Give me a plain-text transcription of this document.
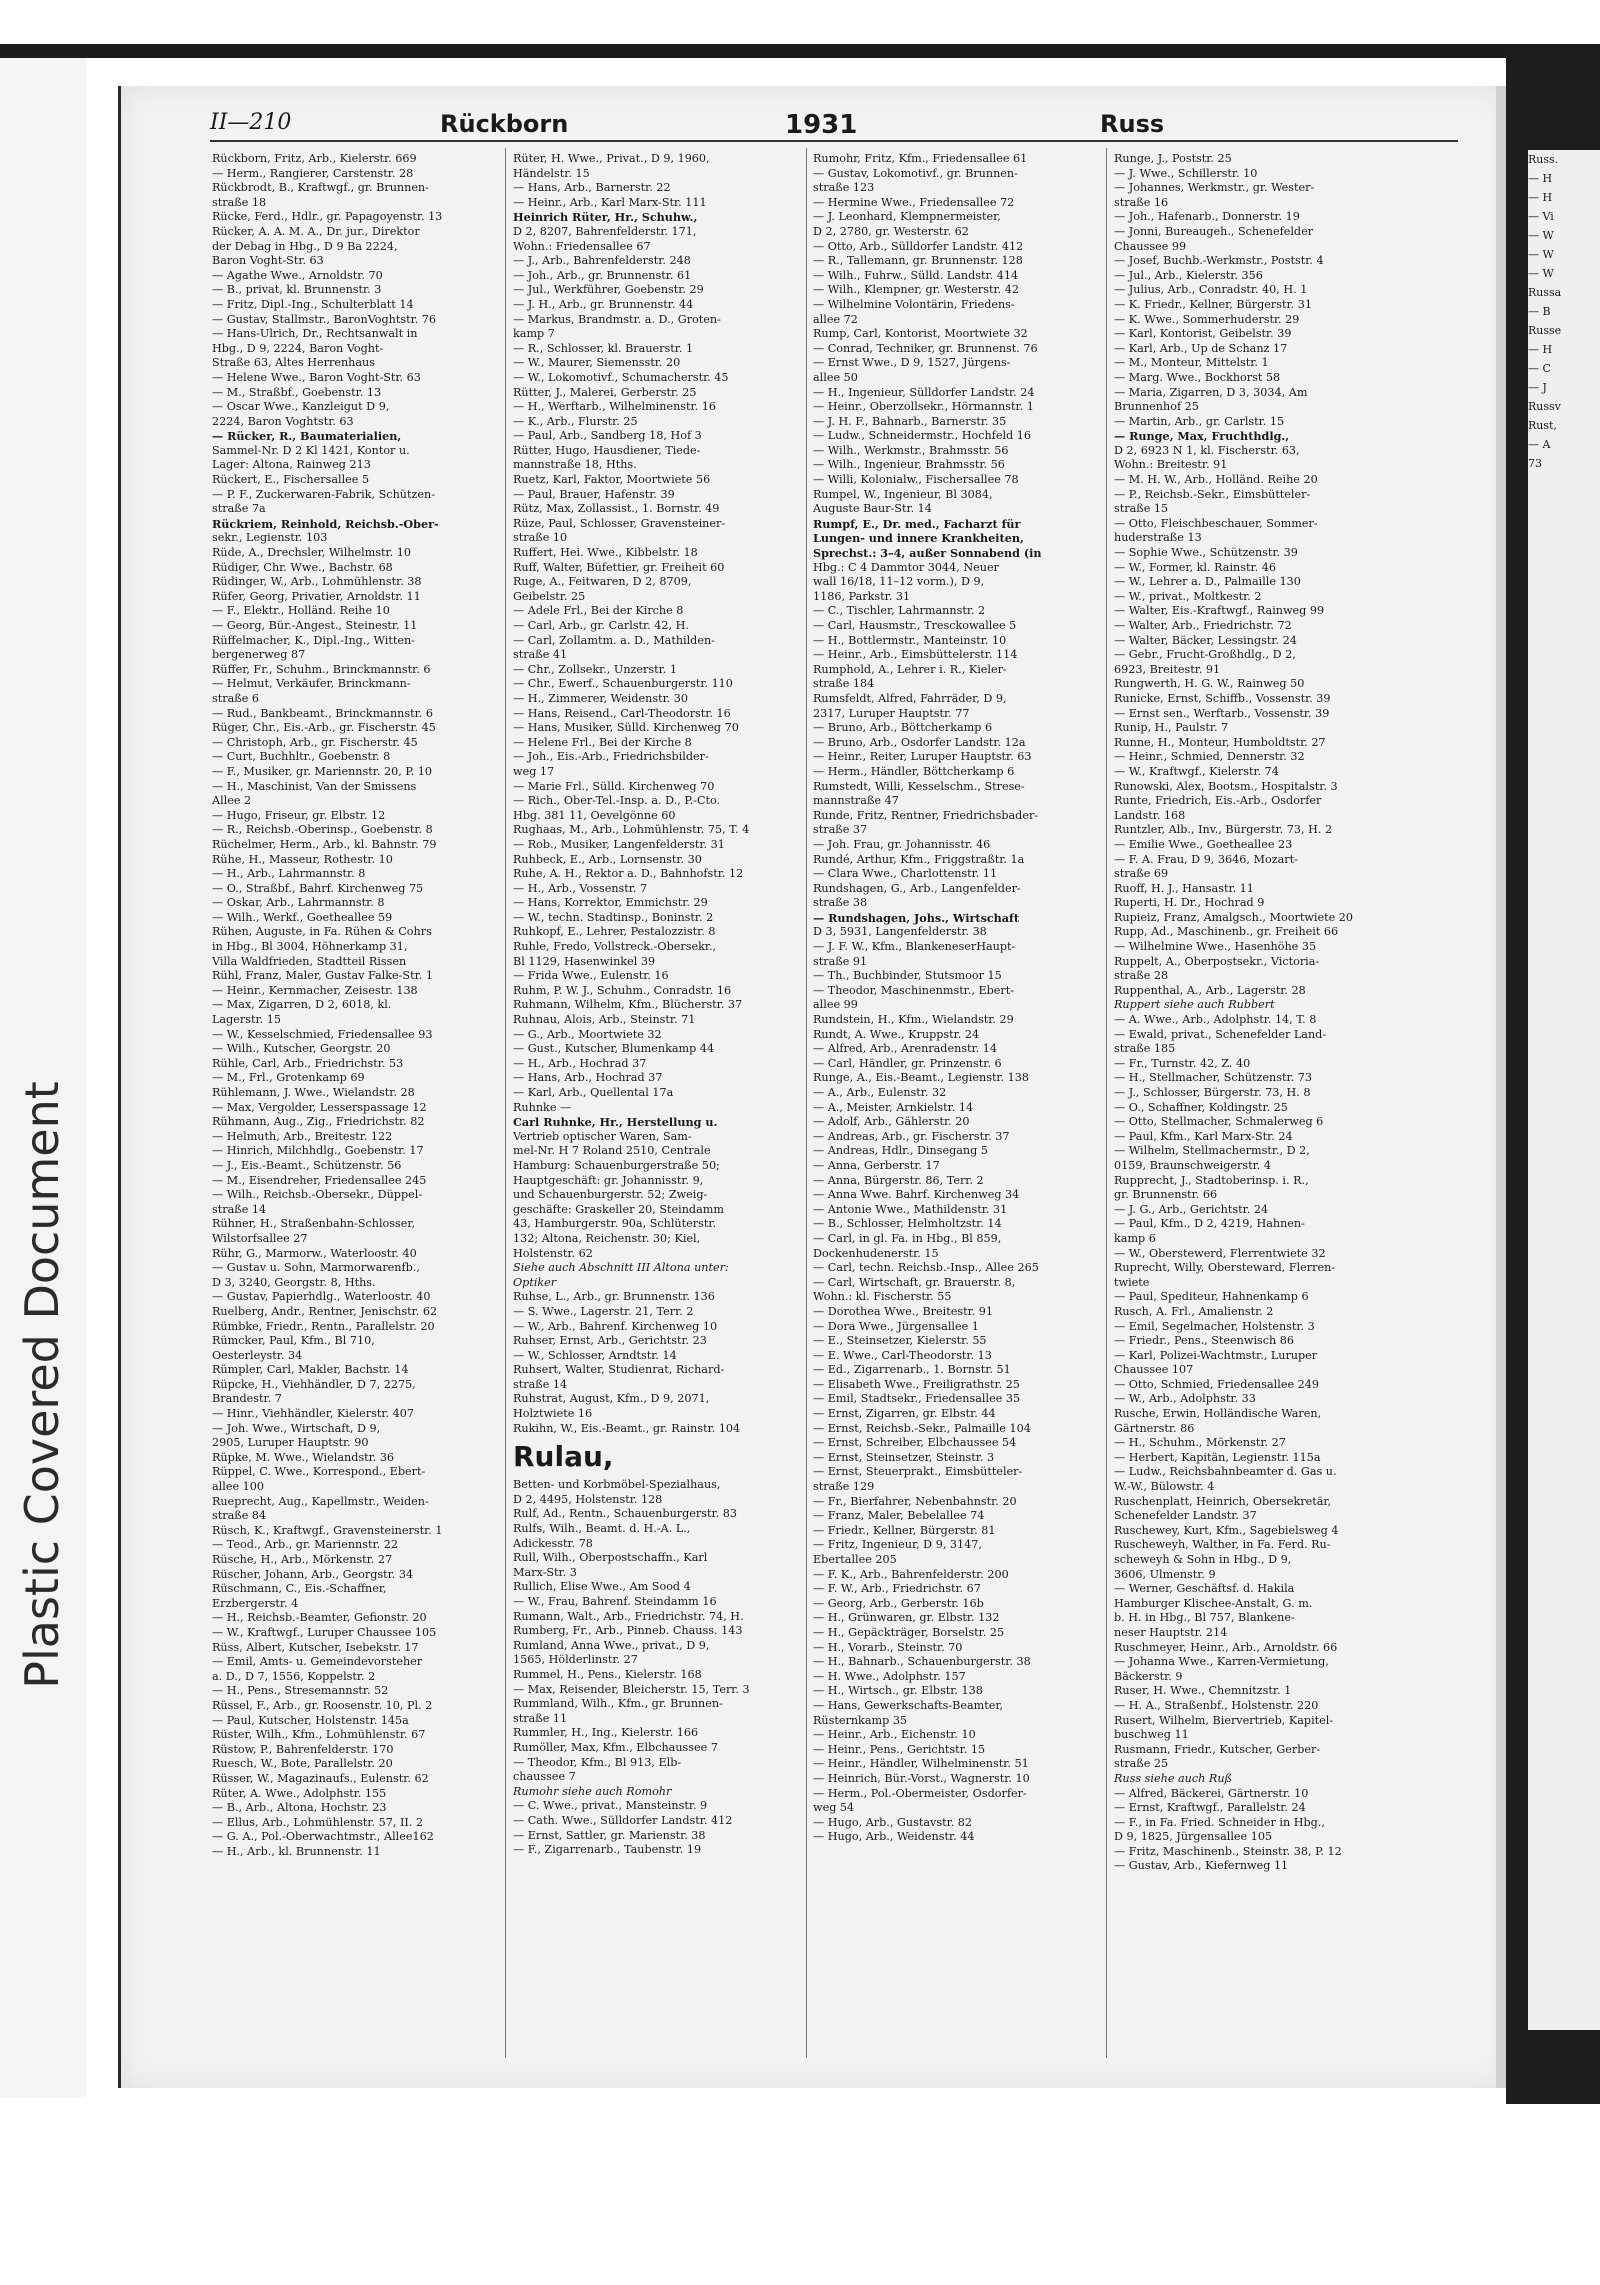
Plastic Covered Document

Russ.

— H

— H

— Vi

— W

— W

— W

Russa

— B

Russe

— H

— C

— J

Russv

Rust,

— A

73

II—210	Rückborn	1931	Russ

Rückborn, Fritz, Arb., Kielerstr. 669

— Herm., Rangierer, Carstenstr. 28

Rückbrodt, B., Kraftwgf., gr. Brunnen-

straße 18

Rücke, Ferd., Hdlr., gr. Papagoyenstr. 13

Rücker, A. A. M. A., Dr. jur., Direktor

der Debag in Hbg., D 9 Ba 2224,

Baron Voght-Str. 63

— Agathe Wwe., Arnoldstr. 70

— B., privat, kl. Brunnenstr. 3

— Fritz, Dipl.-Ing., Schulterblatt 14

— Gustav, Stallmstr., BaronVoghtstr. 76

— Hans-Ulrich, Dr., Rechtsanwalt in

Hbg., D 9, 2224, Baron Voght-

Straße 63, Altes Herrenhaus

— Helene Wwe., Baron Voght-Str. 63

— M., Straßbf., Goebenstr. 13

— Oscar Wwe., Kanzleigut D 9,

2224, Baron Voghtstr. 63

— Rücker, R., Baumaterialien,

Sammel-Nr. D 2 Kl 1421, Kontor u.

Lager: Altona, Rainweg 213

Rückert, E., Fischersallee 5

— P. F., Zuckerwaren-Fabrik, Schützen-

straße 7a

Rückriem, Reinhold, Reichsb.-Ober-

sekr., Legienstr. 103

Rüde, A., Drechsler, Wilhelmstr. 10

Rüdiger, Chr. Wwe., Bachstr. 68

Rüdinger, W., Arb., Lohmühlenstr. 38

Rüfer, Georg, Privatier, Arnoldstr. 11

— F., Elektr., Holländ. Reihe 10

— Georg, Bür.-Angest., Steinestr. 11

Rüffelmacher, K., Dipl.-Ing., Witten-

bergenerweg 87

Rüffer, Fr., Schuhm., Brinckmannstr. 6

— Helmut, Verkäufer, Brinckmann-

straße 6

— Rud., Bankbeamt., Brinckmannstr. 6

Rüger, Chr., Eis.-Arb., gr. Fischerstr. 45

— Christoph, Arb., gr. Fischerstr. 45

— Curt, Buchhltr., Goebenstr. 8

— F., Musiker, gr. Mariennstr. 20, P. 10

— H., Maschinist, Van der Smissens

Allee 2

— Hugo, Friseur, gr. Elbstr. 12

— R., Reichsb.-Oberinsp., Goebenstr. 8

Rüchelmer, Herm., Arb., kl. Bahnstr. 79

Rühe, H., Masseur, Rothestr. 10

— H., Arb., Lahrmannstr. 8

— O., Straßbf., Bahrf. Kirchenweg 75

— Oskar, Arb., Lahrmannstr. 8

— Wilh., Werkf., Goetheallee 59

Rühen, Auguste, in Fa. Rühen & Cohrs

in Hbg., Bl 3004, Höhnerkamp 31,

Villa Waldfrieden, Stadtteil Rissen

Rühl, Franz, Maler, Gustav Falke-Str. 1

— Heinr., Kernmacher, Zeisestr. 138

— Max, Zigarren, D 2, 6018, kl.

Lagerstr. 15

— W., Kesselschmied, Friedensallee 93

— Wilh., Kutscher, Georgstr. 20

Rühle, Carl, Arb., Friedrichstr. 53

— M., Frl., Grotenkamp 69

Rühlemann, J. Wwe., Wielandstr. 28

— Max, Vergolder, Lesserspassage 12

Rühmann, Aug., Zig., Friedrichstr. 82

— Helmuth, Arb., Breitestr. 122

— Hinrich, Milchhdlg., Goebenstr. 17

— J., Eis.-Beamt., Schützenstr. 56

— M., Eisendreher, Friedensallee 245

— Wilh., Reichsb.-Obersekr., Düppel-

straße 14

Rühner, H., Straßenbahn-Schlosser,

Wilstorfsallee 27

Rühr, G., Marmorw., Waterloostr. 40

— Gustav u. Sohn, Marmorwarenfb.,

D 3, 3240, Georgstr. 8, Hths.

— Gustav, Papierhdlg., Waterloostr. 40

Ruelberg, Andr., Rentner, Jenischstr. 62

Rümbke, Friedr., Rentn., Parallelstr. 20

Rümcker, Paul, Kfm., Bl 710,

Oesterleystr. 34

Rümpler, Carl, Makler, Bachstr. 14

Rüpcke, H., Viehhändler, D 7, 2275,

Brandestr. 7

— Hinr., Viehhändler, Kielerstr. 407

— Joh. Wwe., Wirtschaft, D 9,

2905, Luruper Hauptstr. 90

Rüpke, M. Wwe., Wielandstr. 36

Rüppel, C. Wwe., Korrespond., Ebert-

allee 100

Rueprecht, Aug., Kapellmstr., Weiden-

straße 84

Rüsch, K., Kraftwgf., Gravensteinerstr. 1

— Teod., Arb., gr. Mariennstr. 22

Rüsche, H., Arb., Mörkenstr. 27

Rüscher, Johann, Arb., Georgstr. 34

Rüschmann, C., Eis.-Schaffner,

Erzbergerstr. 4

— H., Reichsb.-Beamter, Gefionstr. 20

— W., Kraftwgf., Luruper Chaussee 105

Rüss, Albert, Kutscher, Isebekstr. 17

— Emil, Amts- u. Gemeindevorsteher

a. D., D 7, 1556, Koppelstr. 2

— H., Pens., Stresemannstr. 52

Rüssel, F., Arb., gr. Roosenstr. 10, Pl. 2

— Paul, Kutscher, Holstenstr. 145a

Rüster, Wilh., Kfm., Lohmühlenstr. 67

Rüstow, P., Bahrenfelderstr. 170

Ruesch, W., Bote, Parallelstr. 20

Rüsser, W., Magazinaufs., Eulenstr. 62

Rüter, A. Wwe., Adolphstr. 155

— B., Arb., Altona, Hochstr. 23

— Ellus, Arb., Lohmühlenstr. 57, II. 2

— G. A., Pol.-Oberwachtmstr., Allee162

— H., Arb., kl. Brunnenstr. 11

Rüter, H. Wwe., Privat., D 9, 1960,

Händelstr. 15

— Hans, Arb., Barnerstr. 22

— Heinr., Arb., Karl Marx-Str. 111

Heinrich Rüter, Hr., Schuhw.,

D 2, 8207, Bahrenfelderstr. 171,

Wohn.: Friedensallee 67

— J., Arb., Bahrenfelderstr. 248

— Joh., Arb., gr. Brunnenstr. 61

— Jul., Werkführer, Goebenstr. 29

— J. H., Arb., gr. Brunnenstr. 44

— Markus, Brandmstr. a. D., Groten-

kamp 7

— R., Schlosser, kl. Brauerstr. 1

— W., Maurer, Siemensstr. 20

— W., Lokomotivf., Schumacherstr. 45

Rütter, J., Malerei, Gerberstr. 25

— H., Werftarb., Wilhelminenstr. 16

— K., Arb., Flurstr. 25

— Paul, Arb., Sandberg 18, Hof 3

Rütter, Hugo, Hausdiener, Tiede-

mannstraße 18, Hths.

Ruetz, Karl, Faktor, Moortwiete 56

— Paul, Brauer, Hafenstr. 39

Rütz, Max, Zollassist., 1. Bornstr. 49

Rüze, Paul, Schlosser, Gravensteiner-

straße 10

Ruffert, Hei. Wwe., Kibbelstr. 18

Ruff, Walter, Büfettier, gr. Freiheit 60

Ruge, A., Feitwaren, D 2, 8709,

Geibelstr. 25

— Adele Frl., Bei der Kirche 8

— Carl, Arb., gr. Carlstr. 42, H.

— Carl, Zollamtm. a. D., Mathilden-

straße 41

— Chr., Zollsekr., Unzerstr. 1

— Chr., Ewerf., Schauenburgerstr. 110

— H., Zimmerer, Weidenstr. 30

— Hans, Reisend., Carl-Theodorstr. 16

— Hans, Musiker, Sülld. Kirchenweg 70

— Helene Frl., Bei der Kirche 8

— Joh., Eis.-Arb., Friedrichsbilder-

weg 17

— Marie Frl., Sülld. Kirchenweg 70

— Rich., Ober-Tel.-Insp. a. D., P.-Cto.

Hbg. 381 11, Oevelgönne 60

Rughaas, M., Arb., Lohmühlenstr. 75, T. 4

— Rob., Musiker, Langenfelderstr. 31

Ruhbeck, E., Arb., Lornsenstr. 30

Ruhe, A. H., Rektor a. D., Bahnhofstr. 12

— H., Arb., Vossenstr. 7

— Hans, Korrektor, Emmichstr. 29

— W., techn. Stadtinsp., Boninstr. 2

Ruhkopf, E., Lehrer, Pestalozzistr. 8

Ruhle, Fredo, Vollstreck.-Obersekr.,

Bl 1129, Hasenwinkel 39

— Frida Wwe., Eulenstr. 16

Ruhm, P. W. J., Schuhm., Conradstr. 16

Ruhmann, Wilhelm, Kfm., Blücherstr. 37

Ruhnau, Alois, Arb., Steinstr. 71

— G., Arb., Moortwiete 32

— Gust., Kutscher, Blumenkamp 44

— H., Arb., Hochrad 37

— Hans, Arb., Hochrad 37

— Karl, Arb., Quellental 17a

Ruhnke —

Carl Ruhnke, Hr., Herstellung u.

Vertrieb optischer Waren, Sam-

mel-Nr. H 7 Roland 2510, Centrale

Hamburg: Schauenburgerstraße 50;

Hauptgeschäft: gr. Johannisstr. 9,

und Schauenburgerstr. 52; Zweig-

geschäfte: Graskeller 20, Steindamm

43, Hamburgerstr. 90a, Schlüterstr.

132; Altona, Reichenstr. 30; Kiel,

Holstenstr. 62

Siehe auch Abschnitt III Altona unter:

Optiker

Ruhse, L., Arb., gr. Brunnenstr. 136

— S. Wwe., Lagerstr. 21, Terr. 2

— W., Arb., Bahrenf. Kirchenweg 10

Ruhser, Ernst, Arb., Gerichtstr. 23

— W., Schlosser, Arndtstr. 14

Ruhsert, Walter, Studienrat, Richard-

straße 14

Ruhstrat, August, Kfm., D 9, 2071,

Holztwiete 16

Rukihn, W., Eis.-Beamt., gr. Rainstr. 104

Rulau,

Betten- und Korbmöbel-Spezialhaus,

D 2, 4495, Holstenstr. 128

Rulf, Ad., Rentn., Schauenburgerstr. 83

Rulfs, Wilh., Beamt. d. H.-A. L.,

Adickesstr. 78

Rull, Wilh., Oberpostschaffn., Karl

Marx-Str. 3

Rullich, Elise Wwe., Am Sood 4

— W., Frau, Bahrenf. Steindamm 16

Rumann, Walt., Arb., Friedrichstr. 74, H.

Rumberg, Fr., Arb., Pinneb. Chauss. 143

Rumland, Anna Wwe., privat., D 9,

1565, Hölderlinstr. 27

Rummel, H., Pens., Kielerstr. 168

— Max, Reisender, Bleicherstr. 15, Terr. 3

Rummland, Wilh., Kfm., gr. Brunnen-

straße 11

Rummler, H., Ing., Kielerstr. 166

Rumöller, Max, Kfm., Elbchaussee 7

— Theodor, Kfm., Bl 913, Elb-

chaussee 7

Rumohr siehe auch Romohr

— C. Wwe., privat., Mansteinstr. 9

— Cath. Wwe., Sülldorfer Landstr. 412

— Ernst, Sattler, gr. Marienstr. 38

— F., Zigarrenarb., Taubenstr. 19

Rumohr, Fritz, Kfm., Friedensallee 61

— Gustav, Lokomotivf., gr. Brunnen-

straße 123

— Hermine Wwe., Friedensallee 72

— J. Leonhard, Klempnermeister,

D 2, 2780, gr. Westerstr. 62

— Otto, Arb., Sülldorfer Landstr. 412

— R., Tallemann, gr. Brunnenstr. 128

— Wilh., Fuhrw., Sülld. Landstr. 414

— Wilh., Klempner, gr. Westerstr. 42

— Wilhelmine Volontärin, Friedens-

allee 72

Rump, Carl, Kontorist, Moortwiete 32

— Conrad, Techniker, gr. Brunnenst. 76

— Ernst Wwe., D 9, 1527, Jürgens-

allee 50

— H., Ingenieur, Sülldorfer Landstr. 24

— Heinr., Oberzollsekr., Hörmannstr. 1

— J. H. F., Bahnarb., Barnerstr. 35

— Ludw., Schneidermstr., Hochfeld 16

— Wilh., Werkmstr., Brahmsstr. 56

— Wilh., Ingenieur, Brahmsstr. 56

— Willi, Kolonialw., Fischersallee 78

Rumpel, W., Ingenieur, Bl 3084,

Auguste Baur-Str. 14

Rumpf, E., Dr. med., Facharzt für

Lungen- und innere Krankheiten,

Sprechst.: 3–4, außer Sonnabend (in

Hbg.: C 4 Dammtor 3044, Neuer

wall 16/18, 11–12 vorm.), D 9,

1186, Parkstr. 31

— C., Tischler, Lahrmannstr. 2

— Carl, Hausmstr., Tresckowallee 5

— H., Bottlermstr., Manteinstr. 10

— Heinr., Arb., Eimsbüttelerstr. 114

Rumphold, A., Lehrer i. R., Kieler-

straße 184

Rumsfeldt, Alfred, Fahrräder, D 9,

2317, Luruper Hauptstr. 77

— Bruno, Arb., Böttcherkamp 6

— Bruno, Arb., Osdorfer Landstr. 12a

— Heinr., Reiter, Luruper Hauptstr. 63

— Herm., Händler, Böttcherkamp 6

Rumstedt, Willi, Kesselschm., Strese-

mannstraße 47

Runde, Fritz, Rentner, Friedrichsbader-

straße 37

— Joh. Frau, gr. Johannisstr. 46

Rundé, Arthur, Kfm., Friggstraßtr. 1a

— Clara Wwe., Charlottenstr. 11

Rundshagen, G., Arb., Langenfelder-

straße 38

— Rundshagen, Johs., Wirtschaft

D 3, 5931, Langenfelderstr. 38

— J. F. W., Kfm., BlankeneserHaupt-

straße 91

— Th., Buchbinder, Stutsmoor 15

— Theodor, Maschinenmstr., Ebert-

allee 99

Rundstein, H., Kfm., Wielandstr. 29

Rundt, A. Wwe., Kruppstr. 24

— Alfred, Arb., Arenradenstr. 14

— Carl, Händler, gr. Prinzenstr. 6

Runge, A., Eis.-Beamt., Legienstr. 138

— A., Arb., Eulenstr. 32

— A., Meister, Arnkielstr. 14

— Adolf, Arb., Gählerstr. 20

— Andreas, Arb., gr. Fischerstr. 37

— Andreas, Hdlr., Dinsegang 5

— Anna, Gerberstr. 17

— Anna, Bürgerstr. 86, Terr. 2

— Anna Wwe. Bahrf. Kirchenweg 34

— Antonie Wwe., Mathildenstr. 31

— B., Schlosser, Helmholtzstr. 14

— Carl, in gl. Fa. in Hbg., Bl 859,

Dockenhudenerstr. 15

— Carl, techn. Reichsb.-Insp., Allee 265

— Carl, Wirtschaft, gr. Brauerstr. 8,

Wohn.: kl. Fischerstr. 55

— Dorothea Wwe., Breitestr. 91

— Dora Wwe., Jürgensallee 1

— E., Steinsetzer, Kielerstr. 55

— E. Wwe., Carl-Theodorstr. 13

— Ed., Zigarrenarb., 1. Bornstr. 51

— Elisabeth Wwe., Freiligrathstr. 25

— Emil, Stadtsekr., Friedensallee 35

— Ernst, Zigarren, gr. Elbstr. 44

— Ernst, Reichsb.-Sekr., Palmaille 104

— Ernst, Schreiber, Elbchaussee 54

— Ernst, Steinsetzer, Steinstr. 3

— Ernst, Steuerprakt., Eimsbütteler-

straße 129

— Fr., Bierfahrer, Nebenbahnstr. 20

— Franz, Maler, Bebelallee 74

— Friedr., Kellner, Bürgerstr. 81

— Fritz, Ingenieur, D 9, 3147,

Ebertallee 205

— F. K., Arb., Bahrenfelderstr. 200

— F. W., Arb., Friedrichstr. 67

— Georg, Arb., Gerberstr. 16b

— H., Grünwaren, gr. Elbstr. 132

— H., Gepäckträger, Borselstr. 25

— H., Vorarb., Steinstr. 70

— H., Bahnarb., Schauenburgerstr. 38

— H. Wwe., Adolphstr. 157

— H., Wirtsch., gr. Elbstr. 138

— Hans, Gewerkschafts-Beamter,

Rüsternkamp 35

— Heinr., Arb., Eichenstr. 10

— Heinr., Pens., Gerichtstr. 15

— Heinr., Händler, Wilhelminenstr. 51

— Heinrich, Bür.-Vorst., Wagnerstr. 10

— Herm., Pol.-Obermeister, Osdorfer-

weg 54

— Hugo, Arb., Gustavstr. 82

— Hugo, Arb., Weidenstr. 44

Runge, J., Poststr. 25

— J. Wwe., Schillerstr. 10

— Johannes, Werkmstr., gr. Wester-

straße 16

— Joh., Hafenarb., Donnerstr. 19

— Jonni, Bureaugeh., Schenefelder

Chaussee 99

— Josef, Buchb.-Werkmstr., Poststr. 4

— Jul., Arb., Kielerstr. 356

— Julius, Arb., Conradstr. 40, H. 1

— K. Friedr., Kellner, Bürgerstr. 31

— K. Wwe., Sommerhuderstr. 29

— Karl, Kontorist, Geibelstr. 39

— Karl, Arb., Up de Schanz 17

— M., Monteur, Mittelstr. 1

— Marg. Wwe., Bockhorst 58

— Maria, Zigarren, D 3, 3034, Am

Brunnenhof 25

— Martin, Arb., gr. Carlstr. 15

— Runge, Max, Fruchthdlg.,

D 2, 6923 N 1, kl. Fischerstr. 63,

Wohn.: Breitestr. 91

— M. H. W., Arb., Holländ. Reihe 20

— P., Reichsb.-Sekr., Eimsbütteler-

straße 15

— Otto, Fleischbeschauer, Sommer-

huderstraße 13

— Sophie Wwe., Schützenstr. 39

— W., Former, kl. Rainstr. 46

— W., Lehrer a. D., Palmaille 130

— W., privat., Moltkestr. 2

— Walter, Eis.-Kraftwgf., Rainweg 99

— Walter, Arb., Friedrichstr. 72

— Walter, Bäcker, Lessingstr. 24

— Gebr., Frucht-Großhdlg., D 2,

6923, Breitestr. 91

Rungwerth, H. G. W., Rainweg 50

Runicke, Ernst, Schiffb., Vossenstr. 39

— Ernst sen., Werftarb., Vossenstr. 39

Runip, H., Paulstr. 7

Runne, H., Monteur, Humboldtstr. 27

— Heinr., Schmied, Dennerstr. 32

— W., Kraftwgf., Kielerstr. 74

Runowski, Alex, Bootsm., Hospitalstr. 3

Runte, Friedrich, Eis.-Arb., Osdorfer

Landstr. 168

Runtzler, Alb., Inv., Bürgerstr. 73, H. 2

— Emilie Wwe., Goetheallee 23

— F. A. Frau, D 9, 3646, Mozart-

straße 69

Ruoff, H. J., Hansastr. 11

Ruperti, H. Dr., Hochrad 9

Rupieiz, Franz, Amalgsch., Moortwiete 20

Rupp, Ad., Maschinenb., gr. Freiheit 66

— Wilhelmine Wwe., Hasenhöhe 35

Ruppelt, A., Oberpostsekr., Victoria-

straße 28

Ruppenthal, A., Arb., Lagerstr. 28

Ruppert siehe auch Rubbert

— A. Wwe., Arb., Adolphstr. 14, T. 8

— Ewald, privat., Schenefelder Land-

straße 185

— Fr., Turnstr. 42, Z. 40

— H., Stellmacher, Schützenstr. 73

— J., Schlosser, Bürgerstr. 73, H. 8

— O., Schaffner, Koldingstr. 25

— Otto, Stellmacher, Schmalerweg 6

— Paul, Kfm., Karl Marx-Str. 24

— Wilhelm, Stellmachermstr., D 2,

0159, Braunschweigerstr. 4

Rupprecht, J., Stadtoberinsp. i. R.,

gr. Brunnenstr. 66

— J. G., Arb., Gerichtstr. 24

— Paul, Kfm., D 2, 4219, Hahnen-

kamp 6

— W., Oberstewerd, Flerrentwiete 32

Ruprecht, Willy, Obersteward, Flerren-

twiete

— Paul, Spediteur, Hahnenkamp 6

Rusch, A. Frl., Amalienstr. 2

— Emil, Segelmacher, Holstenstr. 3

— Friedr., Pens., Steenwisch 86

— Karl, Polizei-Wachtmstr., Luruper

Chaussee 107

— Otto, Schmied, Friedensallee 249

— W., Arb., Adolphstr. 33

Rusche, Erwin, Holländische Waren,

Gärtnerstr. 86

— H., Schuhm., Mörkenstr. 27

— Herbert, Kapitän, Legienstr. 115a

— Ludw., Reichsbahnbeamter d. Gas u.

W.-W., Bülowstr. 4

Ruschenplatt, Heinrich, Obersekretär,

Schenefelder Landstr. 37

Ruschewey, Kurt, Kfm., Sagebielsweg 4

Ruscheweyh, Walther, in Fa. Ferd. Ru-

scheweyh & Sohn in Hbg., D 9,

3606, Ulmenstr. 9

— Werner, Geschäftsf. d. Hakila

Hamburger Klischee-Anstalt, G. m.

b. H. in Hbg., Bl 757, Blankene-

neser Hauptstr. 214

Ruschmeyer, Heinr., Arb., Arnoldstr. 66

— Johanna Wwe., Karren-Vermietung,

Bäckerstr. 9

Ruser, H. Wwe., Chemnitzstr. 1

— H. A., Straßenbf., Holstenstr. 220

Rusert, Wilhelm, Biervertrieb, Kapitel-

buschweg 11

Rusmann, Friedr., Kutscher, Gerber-

straße 25

Russ siehe auch Ruß

— Alfred, Bäckerei, Gärtnerstr. 10

— Ernst, Kraftwgf., Parallelstr. 24

— F., in Fa. Fried. Schneider in Hbg.,

D 9, 1825, Jürgensallee 105

— Fritz, Maschinenb., Steinstr. 38, P. 12

— Gustav, Arb., Kiefernweg 11
